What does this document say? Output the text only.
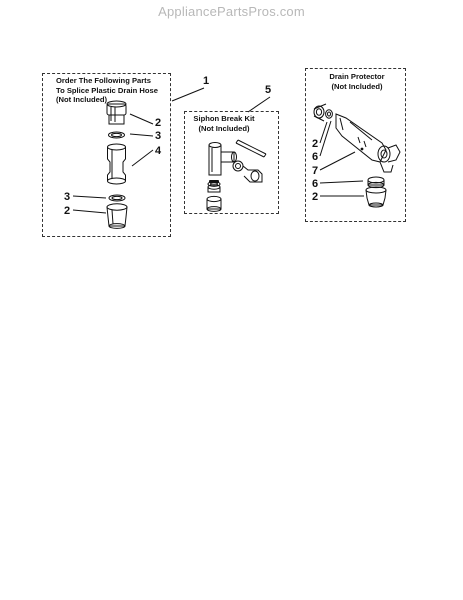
AppliancePartsPros.com
Order The Following Parts
To Splice Plastic Drain Hose
(Not Included)
1
2
3
4
3
2
Siphon Break Kit
(Not Included)
5
Drain Protector
(Not Included)
2
6
7
6
2
